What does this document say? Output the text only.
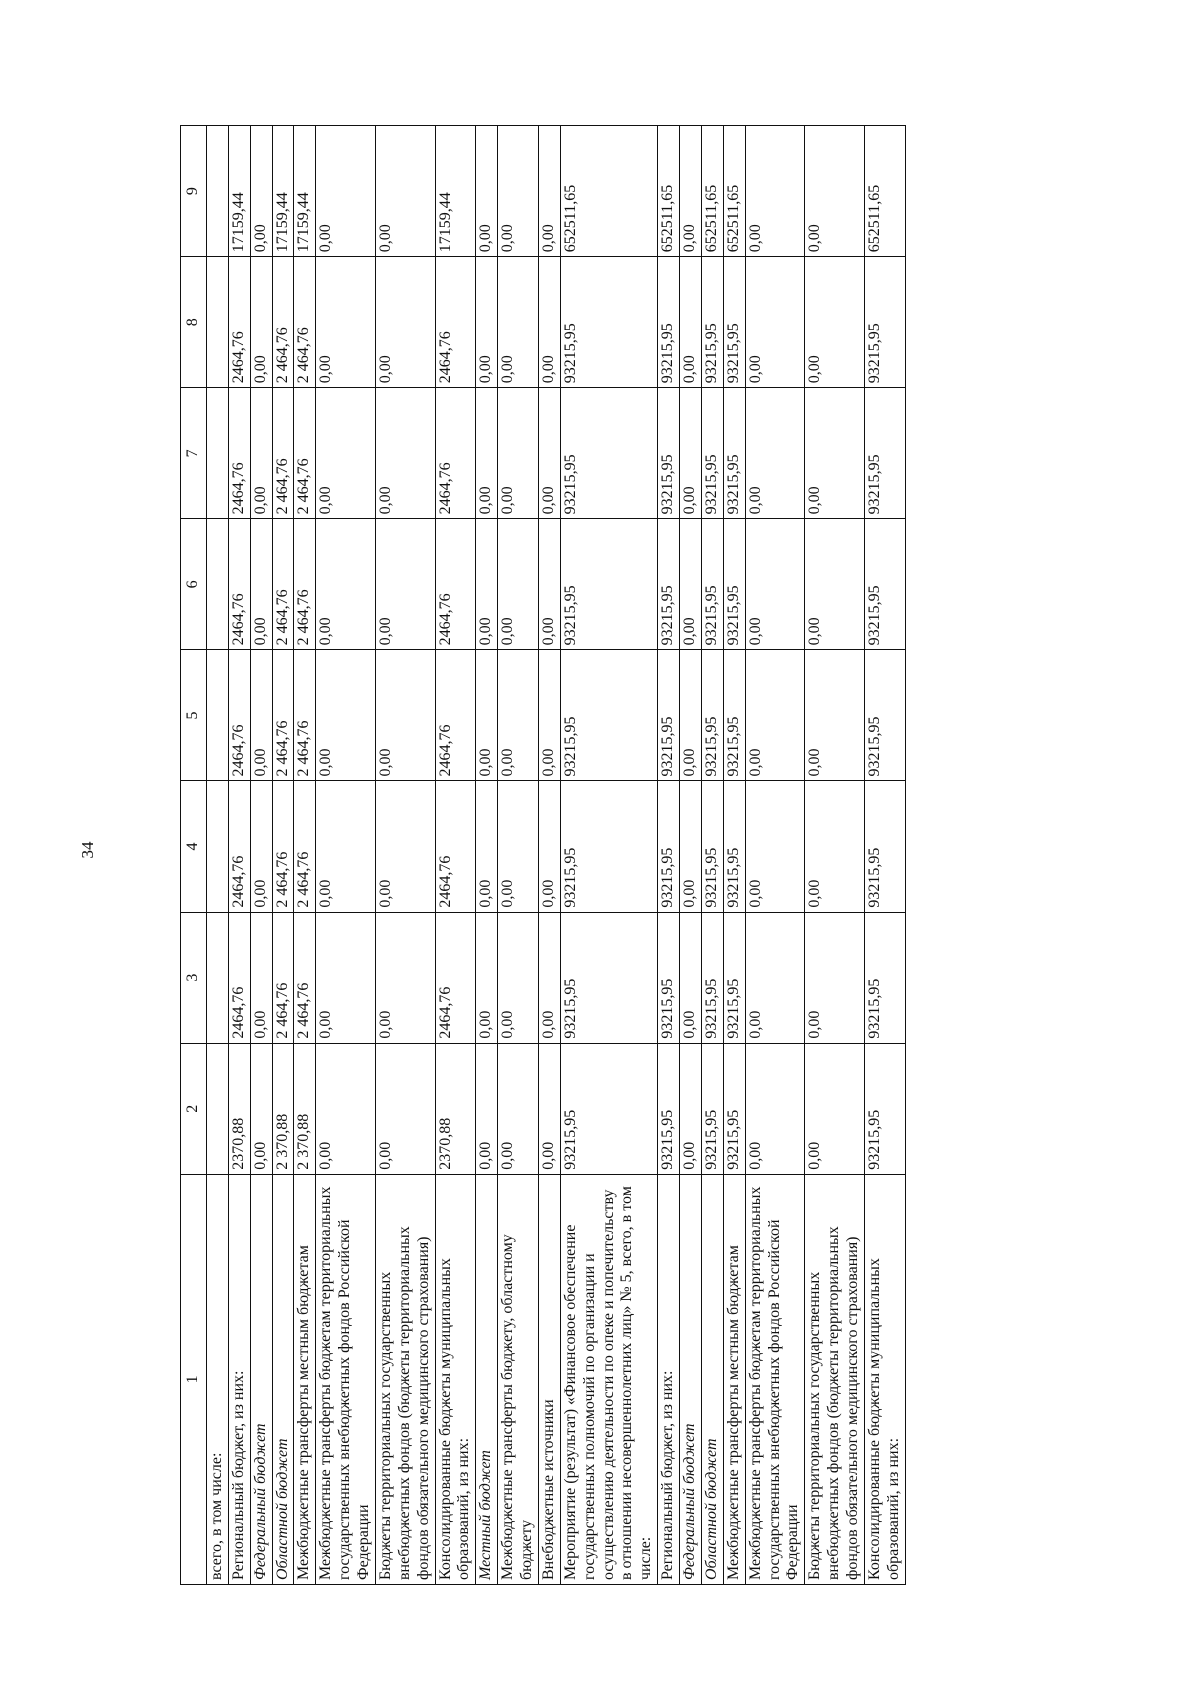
34
1	2	3	4	5	6	7	8	9
всего, в том числе:								
Региональный бюджет, из них:	2370,88	2464,76	2464,76	2464,76	2464,76	2464,76	2464,76	17159,44
Федеральный бюджет	0,00	0,00	0,00	0,00	0,00	0,00	0,00	0,00
Областной бюджет	2 370,88	2 464,76	2 464,76	2 464,76	2 464,76	2 464,76	2 464,76	17159,44
Межбюджетные трансферты местным бюджетам	2 370,88	2 464,76	2 464,76	2 464,76	2 464,76	2 464,76	2 464,76	17159,44
Межбюджетные трансферты бюджетам территориальных государственных внебюджетных фондов Российской Федерации	0,00	0,00	0,00	0,00	0,00	0,00	0,00	0,00
Бюджеты территориальных государственных внебюджетных фондов (бюджеты территориальных фондов обязательного медицинского страхования)	0,00	0,00	0,00	0,00	0,00	0,00	0,00	0,00
Консолидированные бюджеты муниципальных образований, из них:	2370,88	2464,76	2464,76	2464,76	2464,76	2464,76	2464,76	17159,44
Местный бюджет	0,00	0,00	0,00	0,00	0,00	0,00	0,00	0,00
Межбюджетные трансферты бюджету, областному бюджету	0,00	0,00	0,00	0,00	0,00	0,00	0,00	0,00
Внебюджетные источники	0,00	0,00	0,00	0,00	0,00	0,00	0,00	0,00
Мероприятие (результат) «Финансовое обеспечение государственных полномочий по организации и осуществлению деятельности по опеке и попечительству в отношении несовершеннолетних лиц» № 5, всего, в том числе:	93215,95	93215,95	93215,95	93215,95	93215,95	93215,95	93215,95	652511,65
Региональный бюджет, из них:	93215,95	93215,95	93215,95	93215,95	93215,95	93215,95	93215,95	652511,65
Федеральный бюджет	0,00	0,00	0,00	0,00	0,00	0,00	0,00	0,00
Областной бюджет	93215,95	93215,95	93215,95	93215,95	93215,95	93215,95	93215,95	652511,65
Межбюджетные трансферты местным бюджетам	93215,95	93215,95	93215,95	93215,95	93215,95	93215,95	93215,95	652511,65
Межбюджетные трансферты бюджетам территориальных государственных внебюджетных фондов Российской Федерации	0,00	0,00	0,00	0,00	0,00	0,00	0,00	0,00
Бюджеты территориальных государственных внебюджетных фондов (бюджеты территориальных фондов обязательного медицинского страхования)	0,00	0,00	0,00	0,00	0,00	0,00	0,00	0,00
Консолидированные бюджеты муниципальных образований, из них:	93215,95	93215,95	93215,95	93215,95	93215,95	93215,95	93215,95	652511,65
